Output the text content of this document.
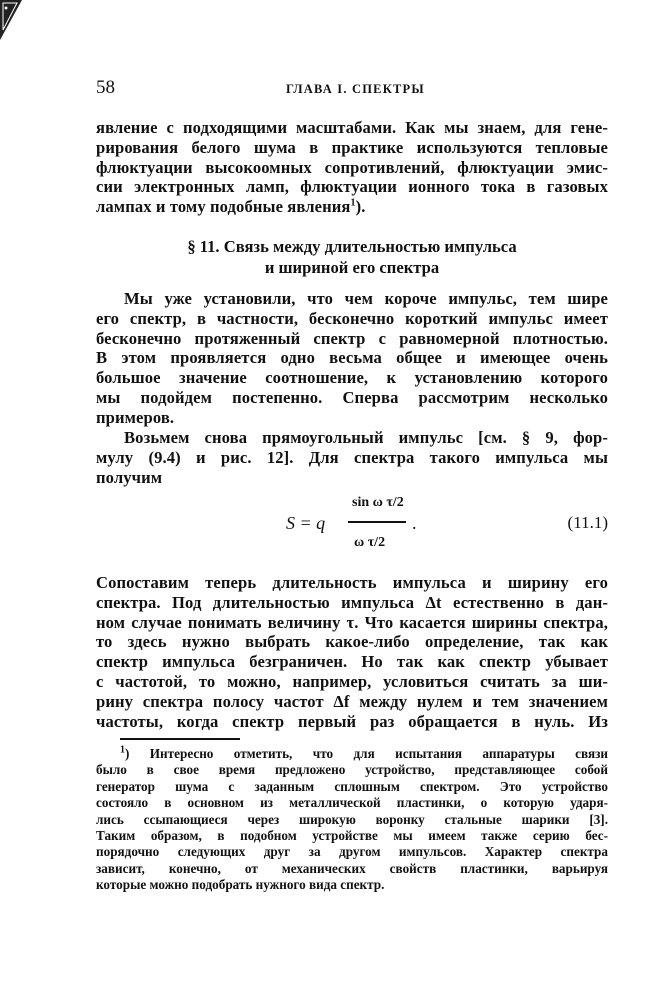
58	ГЛАВА I. СПЕКТРЫ
явление с подходящими масштабами. Как мы знаем, для гене-
рирования белого шума в практике используются тепловые
флюктуации высокоомных сопротивлений, флюктуации эмис-
сии электронных ламп, флюктуации ионного тока в газовых
лампах и тому подобные явления$^1$).
§ 11. Связь между длительностью импульса
и шириной его спектра
Мы уже установили, что чем короче импульс, тем шире
его спектр, в частности, бесконечно короткий импульс имеет
бесконечно протяженный спектр с равномерной плотностью.
В этом проявляется одно весьма общее и имеющее очень
большое значение соотношение, к установлению которого
мы подойдем постепенно. Сперва рассмотрим несколько
примеров.
Возьмем снова прямоугольный импульс [см. § 9, фор-
мулу (9.4) и рис. 12]. Для спектра такого импульса мы
получим
S = q
sin ω τ/2
ω τ/2
.	(11.1)
Сопоставим теперь длительность импульса и ширину его
спектра. Под длительностью импульса Δt естественно в дан-
ном случае понимать величину τ. Что касается ширины спектра,
то здесь нужно выбрать какое-либо определение, так как
спектр импульса безграничен. Но так как спектр убывает
с частотой, то можно, например, условиться считать за ши-
рину спектра полосу частот Δf между нулем и тем значением
частоты, когда спектр первый раз обращается в нуль. Из
$^1$) Интересно отметить, что для испытания аппаратуры связи
было в свое время предложено устройство, представляющее собой
генератор шума с заданным сплошным спектром. Это устройство
состояло в основном из металлической пластинки, о которую ударя-
лись ссыпающиеся через широкую воронку стальные шарики [3].
Таким образом, в подобном устройстве мы имеем также серию бес-
порядочно следующих друг за другом импульсов. Характер спектра
зависит, конечно, от механических свойств пластинки, варьируя
которые можно подобрать нужного вида спектр.
